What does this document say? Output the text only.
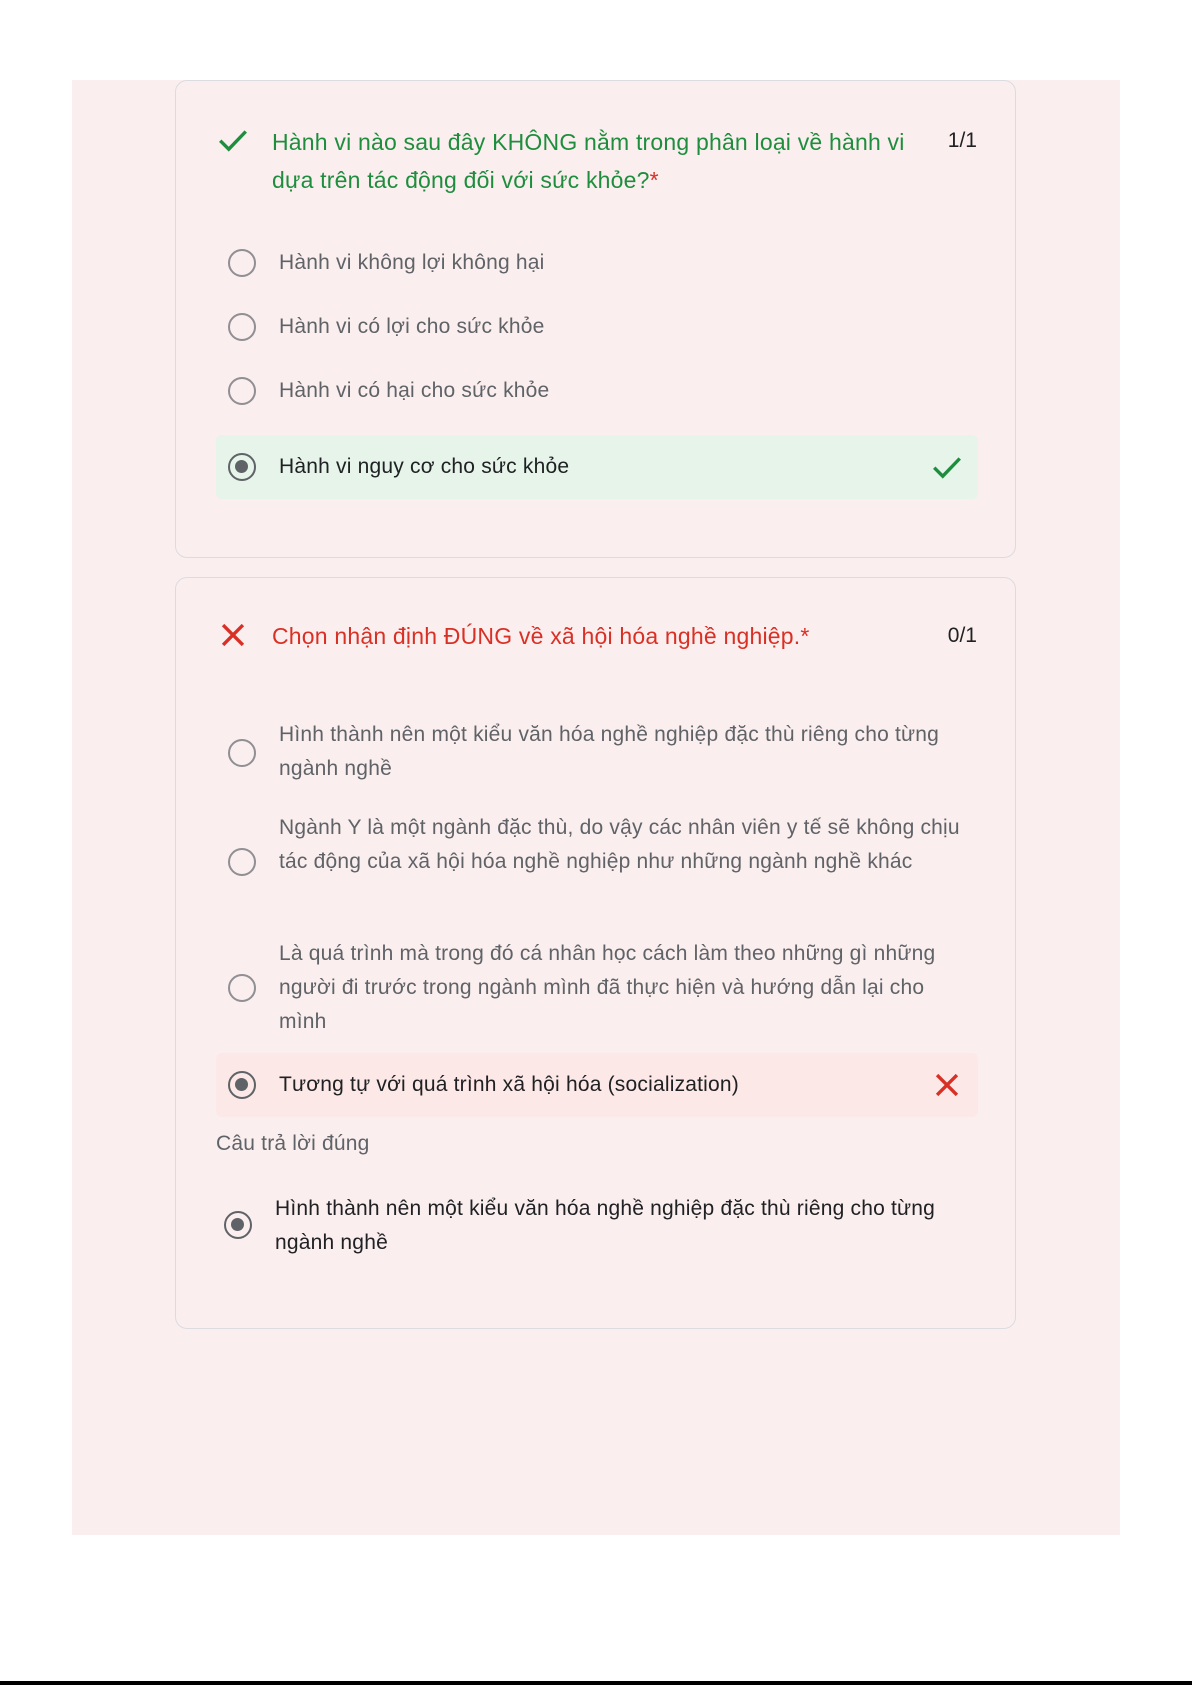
Hành vi nào sau đây KHÔNG nằm trong phân loại về hành vi dựa trên tác động đối với sức khỏe?*
1/1
Hành vi không lợi không hại
Hành vi có lợi cho sức khỏe
Hành vi có hại cho sức khỏe
Hành vi nguy cơ cho sức khỏe
Chọn nhận định ĐÚNG về xã hội hóa nghề nghiệp.*	0/1
Hình thành nên một kiểu văn hóa nghề nghiệp đặc thù riêng cho từng ngành nghề
Ngành Y là một ngành đặc thù, do vậy các nhân viên y tế sẽ không chịu tác động của xã hội hóa nghề nghiệp như những ngành nghề khác
Là quá trình mà trong đó cá nhân học cách làm theo những gì những người đi trước trong ngành mình đã thực hiện và hướng dẫn lại cho mình
Tương tự với quá trình xã hội hóa (socialization)
Câu trả lời đúng
Hình thành nên một kiểu văn hóa nghề nghiệp đặc thù riêng cho từng ngành nghề
